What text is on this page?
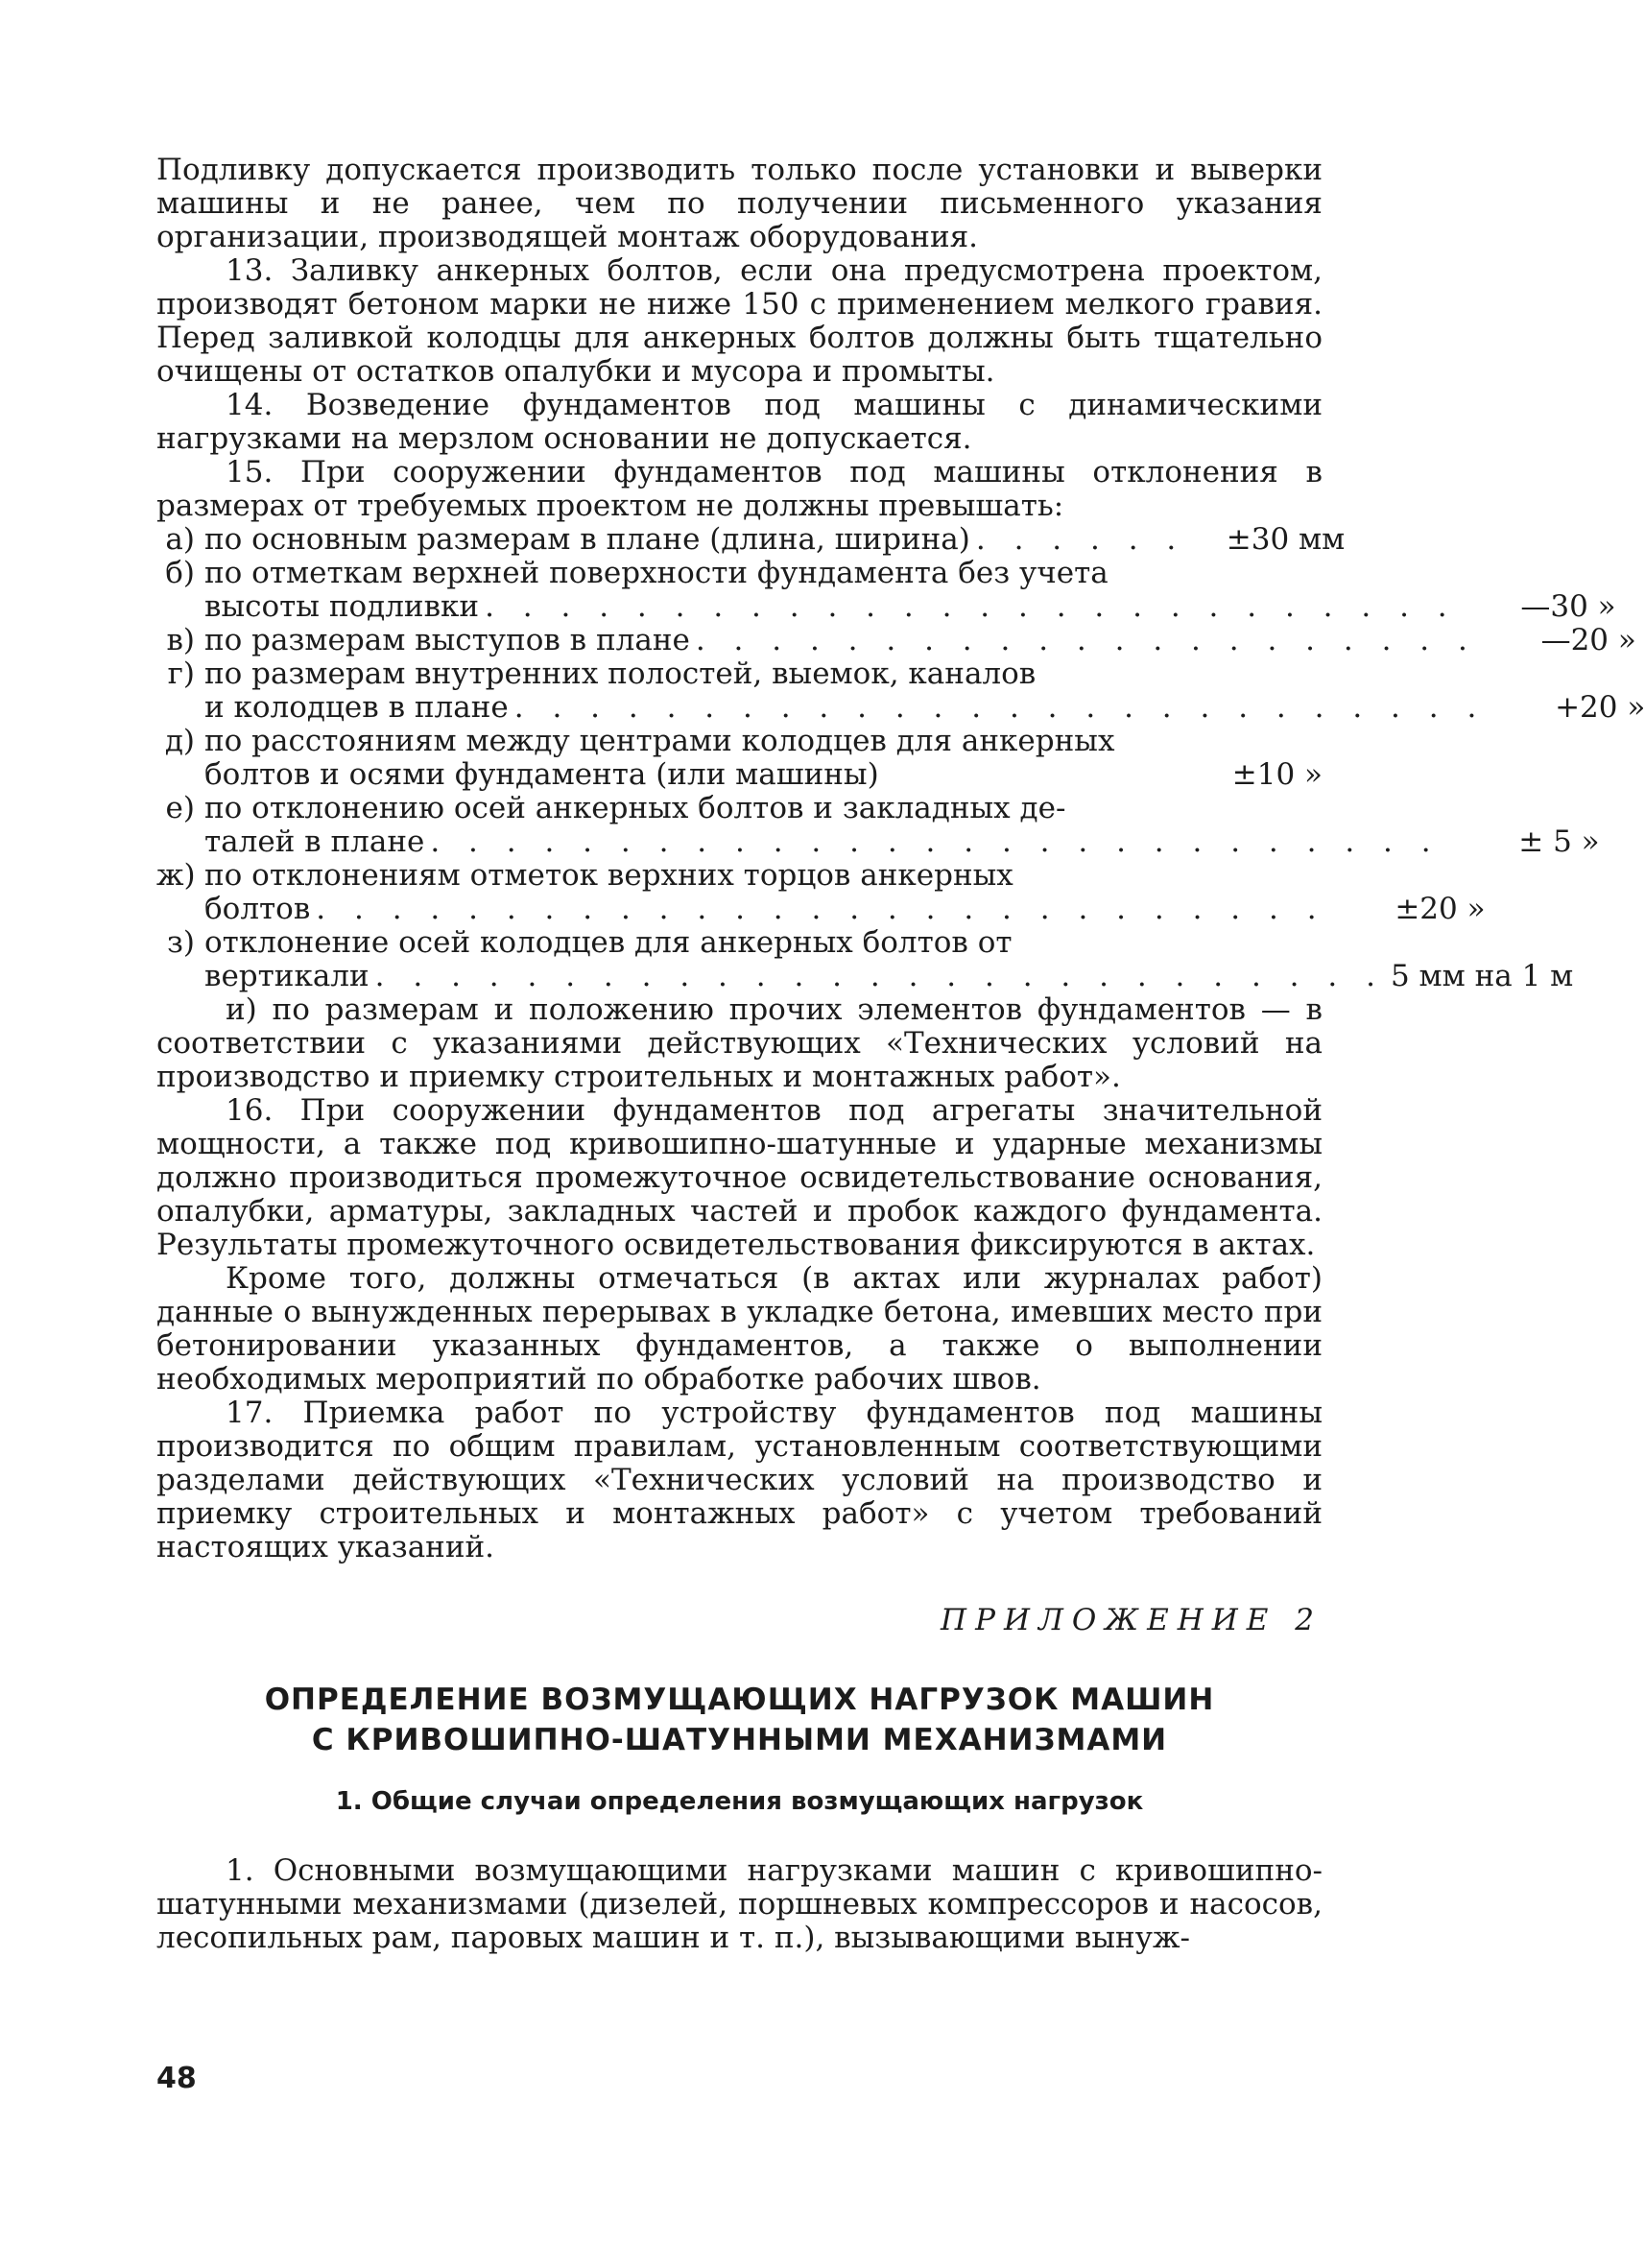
Подливку допускается производить только после установки и выверки машины и не ранее, чем по получении письменного указания организации, производящей монтаж оборудования.

13. Заливку анкерных болтов, если она предусмотрена проектом, производят бетоном марки не ниже 150 с применением мелкого гравия. Перед заливкой колодцы для анкерных болтов должны быть тщательно очищены от остатков опалубки и мусора и промыты.

14. Возведение фундаментов под машины с динамическими нагрузками на мерзлом основании не допускается.

15. При сооружении фундаментов под машины отклонения в размерах от требуемых проектом не должны превышать:

а) по основным размерам в плане (длина, ширина) . . . . . .	±30 мм
б) по отметкам верхней поверхности фундамента без учета
высоты подливки . . . . . . . . . . . . . . . . . . . . . . . . . .	—30 »
в) по размерам выступов в плане . . . . . . . . . . . . . . . . . . . . .	—20 »
г) по размерам внутренних полостей, выемок, каналов
и колодцев в плане . . . . . . . . . . . . . . . . . . . . . . . . . .	+20 »
д) по расстояниям между центрами колодцев для анкерных болтов и осями фундамента (или машины)	±10 »
е) по отклонению осей анкерных болтов и закладных де-
талей в плане . . . . . . . . . . . . . . . . . . . . . . . . . . .	± 5 »
ж) по отклонениям отметок верхних торцов анкерных
болтов . . . . . . . . . . . . . . . . . . . . . . . . . . .	±20 »
з) отклонение осей колодцев для анкерных болтов от
вертикали . . . . . . . . . . . . . . . . . . . . . . . . . . . 5 мм на 1 м

и) по размерам и положению прочих элементов фундаментов — в соответствии с указаниями действующих «Технических условий на производство и приемку строительных и монтажных работ».

16. При сооружении фундаментов под агрегаты значительной мощности, а также под кривошипно-шатунные и ударные механизмы должно производиться промежуточное освидетельствование основания, опалубки, арматуры, закладных частей и пробок каждого фундамента. Результаты промежуточного освидетельствования фиксируются в актах.

Кроме того, должны отмечаться (в актах или журналах работ) данные о вынужденных перерывах в укладке бетона, имевших место при бетонировании указанных фундаментов, а также о выполнении необходимых мероприятий по обработке рабочих швов.

17. Приемка работ по устройству фундаментов под машины производится по общим правилам, установленным соответствующими разделами действующих «Технических условий на производство и приемку строительных и монтажных работ» с учетом требований настоящих указаний.

ПРИЛОЖЕНИЕ 2
ОПРЕДЕЛЕНИЕ ВОЗМУЩАЮЩИХ НАГРУЗОК МАШИН
С КРИВОШИПНО-ШАТУННЫМИ МЕХАНИЗМАМИ
1. Общие случаи определения возмущающих нагрузок

1. Основными возмущающими нагрузками машин с кривошипно-шатунными механизмами (дизелей, поршневых компрессоров и насосов, лесопильных рам, паровых машин и т. п.), вызывающими вынуж-

48
